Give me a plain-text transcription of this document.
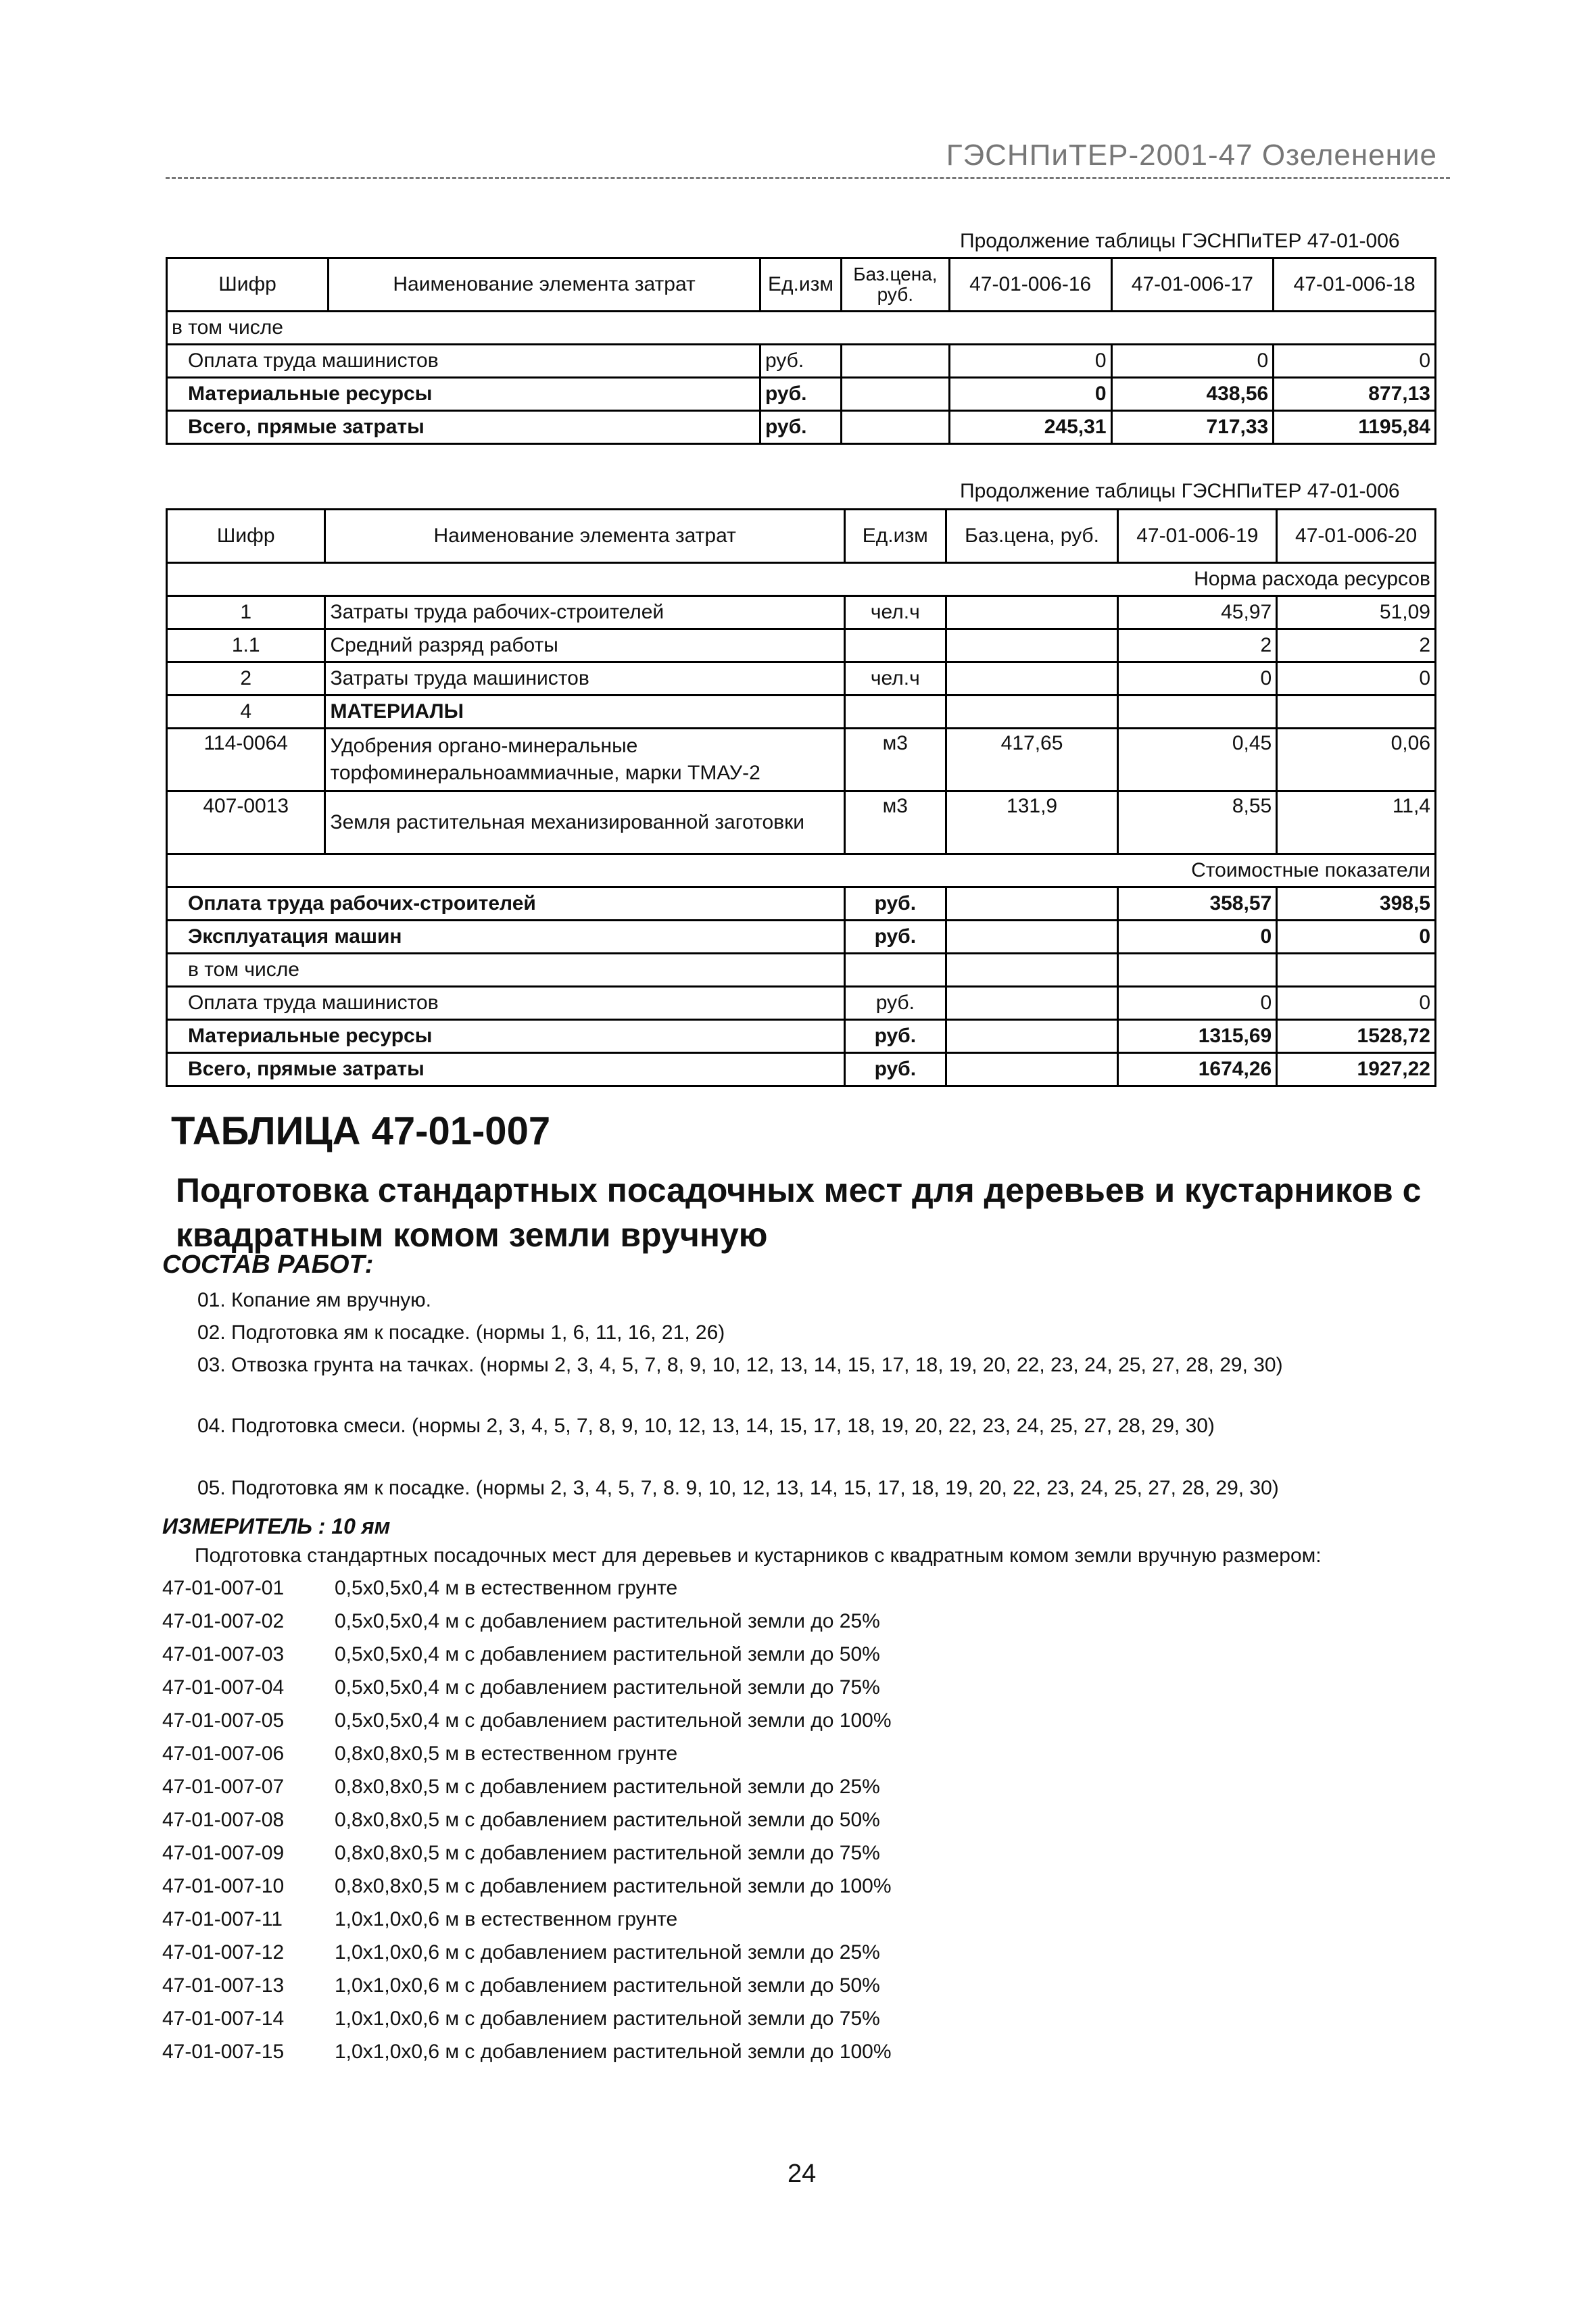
ГЭСНПиТЕР-2001-47 Озеленение
Продолжение таблицы ГЭСНПиТЕР 47-01-006
Шифр	Наименование элемента затрат	Ед.изм	Баз.цена, руб.	47-01-006-16	47-01-006-17	47-01-006-18
в том числе						
Оплата труда машинистов		руб.		0	0	0
Материальные ресурсы		руб.		0	438,56	877,13
Всего, прямые затраты		руб.		245,31	717,33	1195,84
Продолжение таблицы ГЭСНПиТЕР 47-01-006
Шифр	Наименование элемента затрат	Ед.изм	Баз.цена, руб.	47-01-006-19	47-01-006-20
Норма расхода ресурсов					
1	Затраты труда рабочих-строителей	чел.ч		45,97	51,09
1.1	Средний разряд работы			2	2
2	Затраты труда машинистов	чел.ч		0	0
4	МАТЕРИАЛЫ				
114-0064	Удобрения органо-минеральные торфоминеральноаммиачные, марки ТМАУ-2	м3	417,65	0,45	0,06
407-0013	Земля растительная механизированной заготовки	м3	131,9	8,55	11,4
Стоимостные показатели					
Оплата труда рабочих-строителей		руб.		358,57	398,5
Эксплуатация машин		руб.		0	0
в том числе					
Оплата труда машинистов		руб.		0	0
Материальные ресурсы		руб.		1315,69	1528,72
Всего, прямые затраты		руб.		1674,26	1927,22
ТАБЛИЦА 47-01-007
Подготовка стандартных посадочных мест для деревьев и кустарников с квадратным комом земли вручную
СОСТАВ РАБОТ:
01. Копание ям вручную.
02. Подготовка ям к посадке. (нормы 1, 6, 11, 16, 21, 26)
03. Отвозка грунта на тачках. (нормы 2, 3, 4, 5, 7, 8, 9, 10, 12, 13, 14, 15, 17, 18, 19, 20, 22, 23, 24, 25, 27, 28, 29, 30)
04. Подготовка смеси. (нормы 2, 3, 4, 5, 7, 8, 9, 10, 12, 13, 14, 15, 17, 18, 19, 20, 22, 23, 24, 25, 27, 28, 29, 30)
05. Подготовка ям к посадке. (нормы 2, 3, 4, 5, 7, 8. 9, 10, 12, 13, 14, 15, 17, 18, 19, 20, 22, 23, 24, 25, 27, 28, 29, 30)
ИЗМЕРИТЕЛЬ : 10 ям
Подготовка стандартных посадочных мест для деревьев и кустарников с квадратным комом земли вручную размером:
47-01-007-01 0,5х0,5х0,4 м в естественном грунте
47-01-007-02 0,5х0,5х0,4 м с добавлением растительной земли до 25%
47-01-007-03 0,5х0,5х0,4 м с добавлением растительной земли до 50%
47-01-007-04 0,5х0,5х0,4 м с добавлением растительной земли до 75%
47-01-007-05 0,5х0,5х0,4 м с добавлением растительной земли до 100%
47-01-007-06 0,8х0,8х0,5 м в естественном грунте
47-01-007-07 0,8х0,8х0,5 м с добавлением растительной земли до 25%
47-01-007-08 0,8х0,8х0,5 м с добавлением растительной земли до 50%
47-01-007-09 0,8х0,8х0,5 м с добавлением растительной земли до 75%
47-01-007-10 0,8х0,8х0,5 м с добавлением растительной земли до 100%
47-01-007-11	1,0х1,0х0,6 м в естественном грунте
47-01-007-12 1,0х1,0х0,6 м с добавлением растительной земли до 25%
47-01-007-13 1,0х1,0х0,6 м с добавлением растительной земли до 50%
47-01-007-14 1,0х1,0х0,6 м с добавлением растительной земли до 75%
47-01-007-15 1,0х1,0х0,6 м с добавлением растительной земли до 100%
24
